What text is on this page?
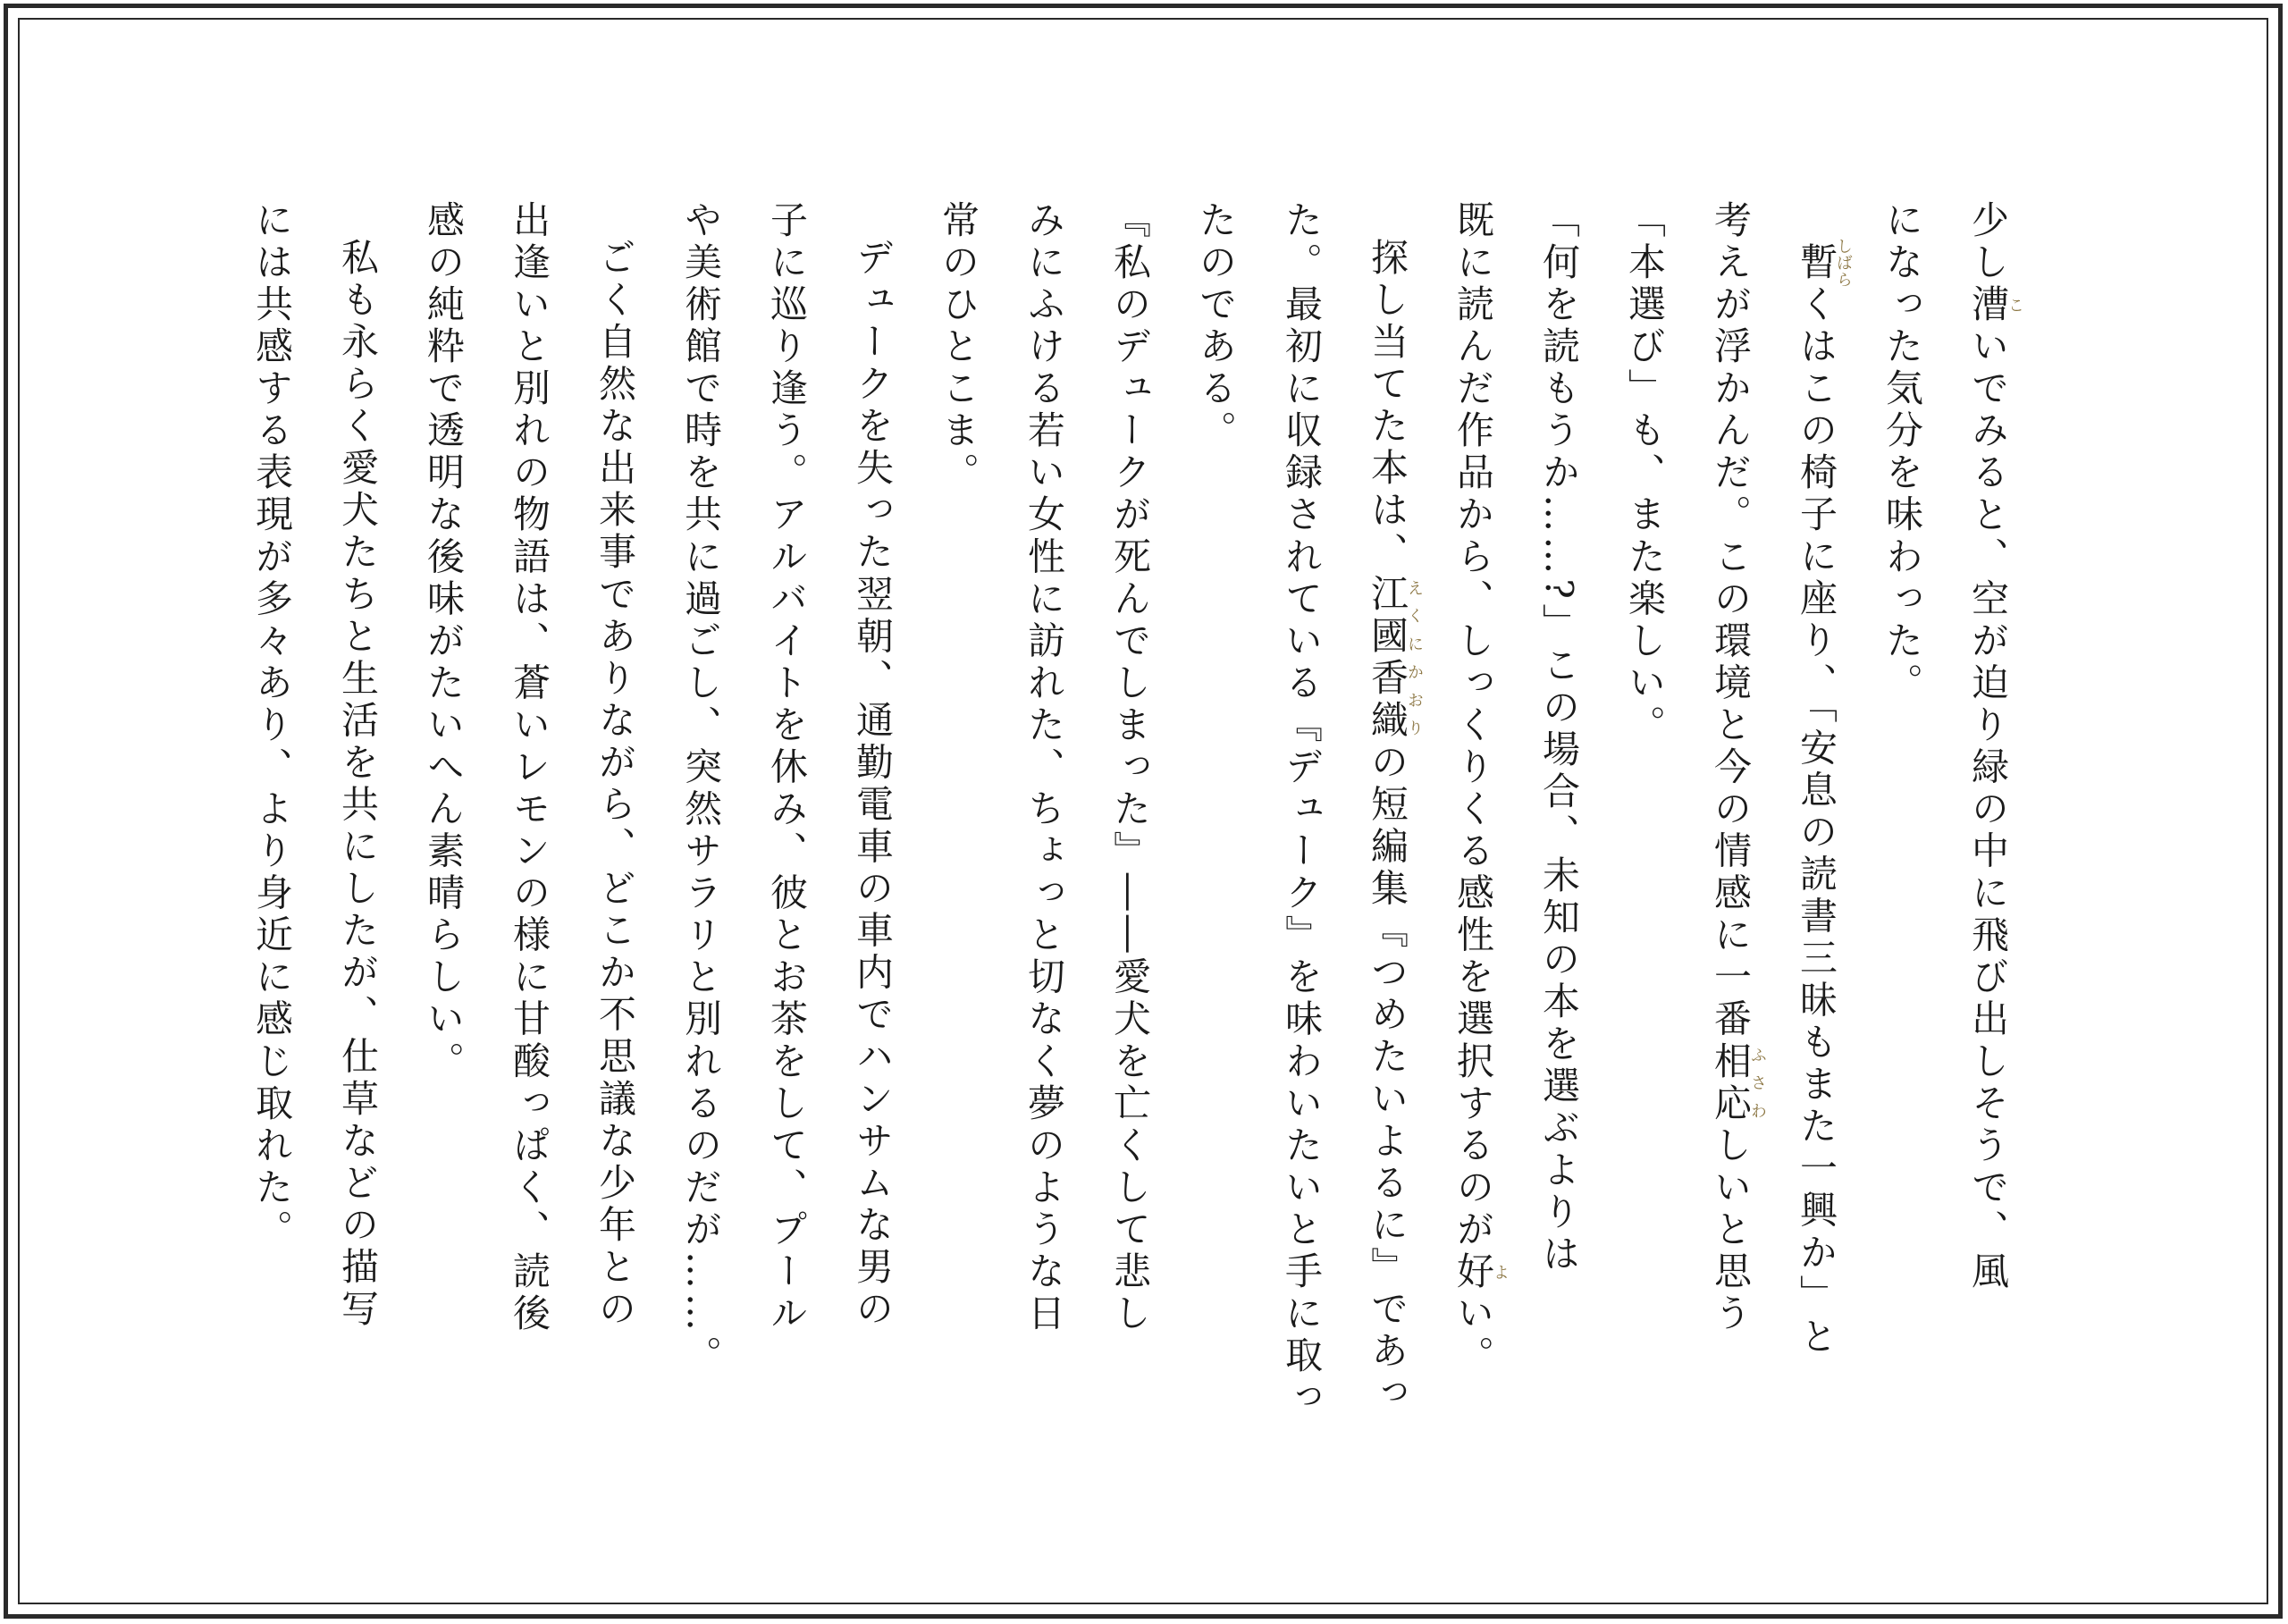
少し漕こいでみると、空が迫り緑の中に飛び出しそうで、風
になった気分を味わった。
暫しばらくはこの椅子に座り、「安息の読書三昧もまた一興か」と
考えが浮かんだ。この環境と今の情感に一番相応ふさわしいと思う
「本選び」も、また楽しい。
「何を読もうか……?」この場合、未知の本を選ぶよりは
既に読んだ作品から、しっくりくる感性を選択するのが好よい。
探し当てた本は、江國香織えくにかおりの短編集『つめたいよるに』であっ
た。最初に収録されている『デューク』を味わいたいと手に取っ
たのである。
『私のデュークが死んでしまった』――愛犬を亡くして悲し
みにふける若い女性に訪れた、ちょっと切なく夢のような日
常のひとこま。
デュークを失った翌朝、通勤電車の車内でハンサムな男の
子に巡り逢う。アルバイトを休み、彼とお茶をして、プール
や美術館で時を共に過ごし、突然サラリと別れるのだが……。
ごく自然な出来事でありながら、どこか不思議な少年との
出逢いと別れの物語は、蒼いレモンの様に甘酸っぱく、読後
感の純粋で透明な後味がたいへん素晴らしい。
私も永らく愛犬たちと生活を共にしたが、仕草などの描写
には共感する表現が多々あり、より身近に感じ取れた。
